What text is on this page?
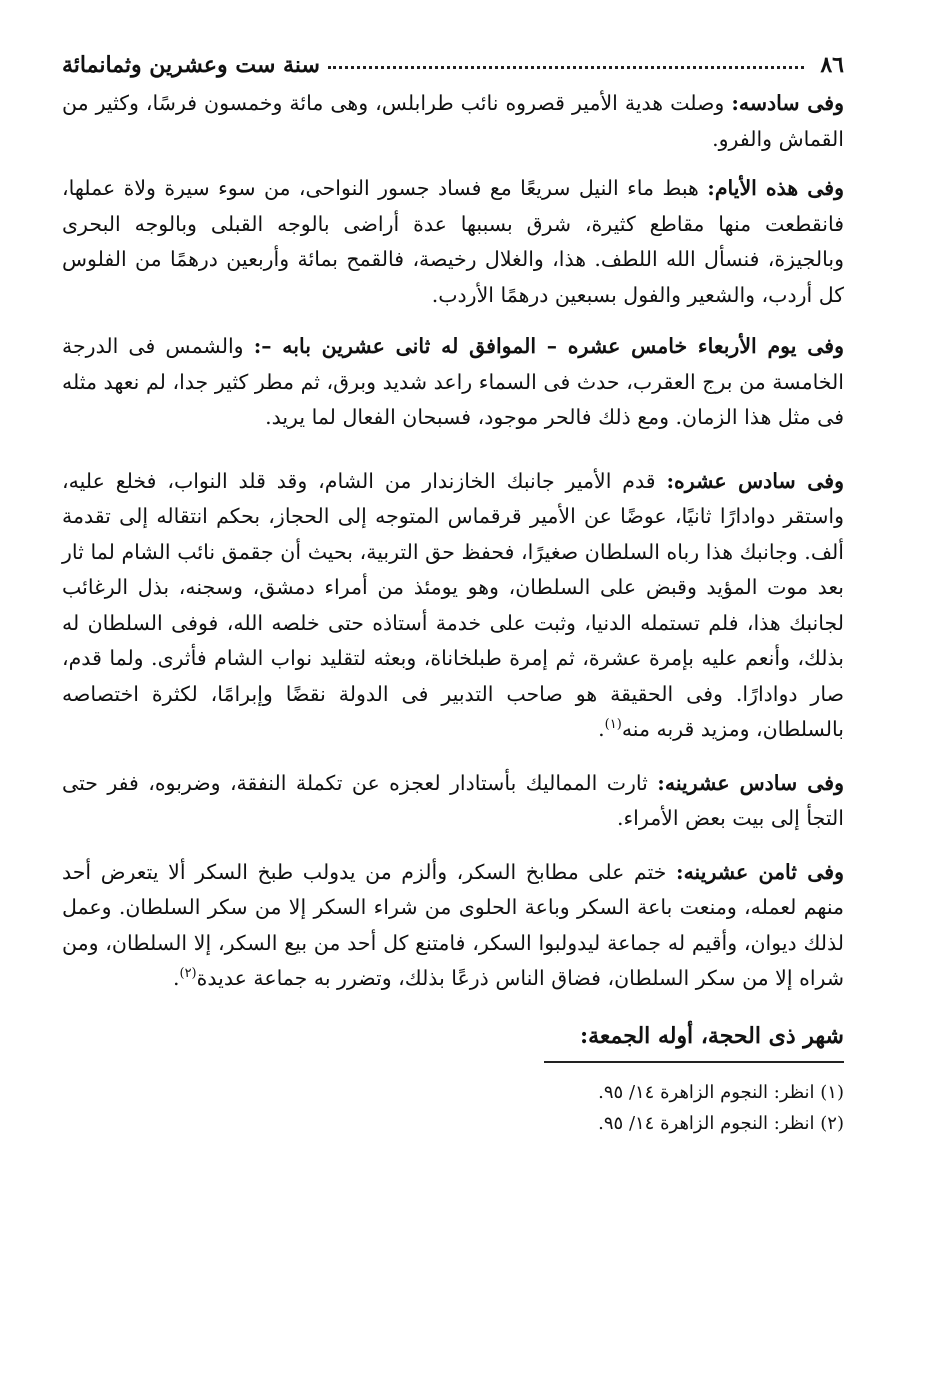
٨٦
سنة ست وعشرين وثمانمائة

وفى سادسه: وصلت هدية الأمير قصروه نائب طرابلس، وهى مائة وخمسون فرسًا، وكثير من القماش والفرو.

وفى هذه الأيام: هبط ماء النيل سريعًا مع فساد جسور النواحى، من سوء سيرة ولاة عملها، فانقطعت منها مقاطع كثيرة، شرق بسببها عدة أراضى بالوجه القبلى وبالوجه البحرى وبالجيزة، فنسأل الله اللطف. هذا، والغلال رخيصة، فالقمح بمائة وأربعين درهمًا من الفلوس كل أردب، والشعير والفول بسبعين درهمًا الأردب.

وفى يوم الأربعاء خامس عشره – الموافق له ثانى عشرين بابه –: والشمس فى الدرجة الخامسة من برج العقرب، حدث فى السماء راعد شديد وبرق، ثم مطر كثير جدا، لم نعهد مثله فى مثل هذا الزمان. ومع ذلك فالحر موجود، فسبحان الفعال لما يريد.

وفى سادس عشره: قدم الأمير جانبك الخازندار من الشام، وقد قلد النواب، فخلع عليه، واستقر دوادارًا ثانيًا، عوضًا عن الأمير قرقماس المتوجه إلى الحجاز، بحكم انتقاله إلى تقدمة ألف. وجانبك هذا رباه السلطان صغيرًا، فحفظ حق التربية، بحيث أن جقمق نائب الشام لما ثار بعد موت المؤيد وقبض على السلطان، وهو يومئذ من أمراء دمشق، وسجنه، بذل الرغائب لجانبك هذا، فلم تستمله الدنيا، وثبت على خدمة أستاذه حتى خلصه الله، فوفى السلطان له بذلك، وأنعم عليه بإمرة عشرة، ثم إمرة طبلخاناة، وبعثه لتقليد نواب الشام فأثرى. ولما قدم، صار دوادارًا. وفى الحقيقة هو صاحب التدبير فى الدولة نقضًا وإبرامًا، لكثرة اختصاصه بالسلطان، ومزيد قربه منه$^{(١)}$.

وفى سادس عشرينه: ثارت المماليك بأستادار لعجزه عن تكملة النفقة، وضربوه، ففر حتى التجأ إلى بيت بعض الأمراء.

وفى ثامن عشرينه: ختم على مطابخ السكر، وألزم من يدولب طبخ السكر ألا يتعرض أحد منهم لعمله، ومنعت باعة السكر وباعة الحلوى من شراء السكر إلا من سكر السلطان. وعمل لذلك ديوان، وأقيم له جماعة ليدولبوا السكر، فامتنع كل أحد من بيع السكر، إلا السلطان، ومن شراه إلا من سكر السلطان، فضاق الناس ذرعًا بذلك، وتضرر به جماعة عديدة$^{(٢)}$.

شهر ذى الحجة، أوله الجمعة:
(١) انظر: النجوم الزاهرة ١٤/ ٩٥.
(٢) انظر: النجوم الزاهرة ١٤/ ٩٥.
